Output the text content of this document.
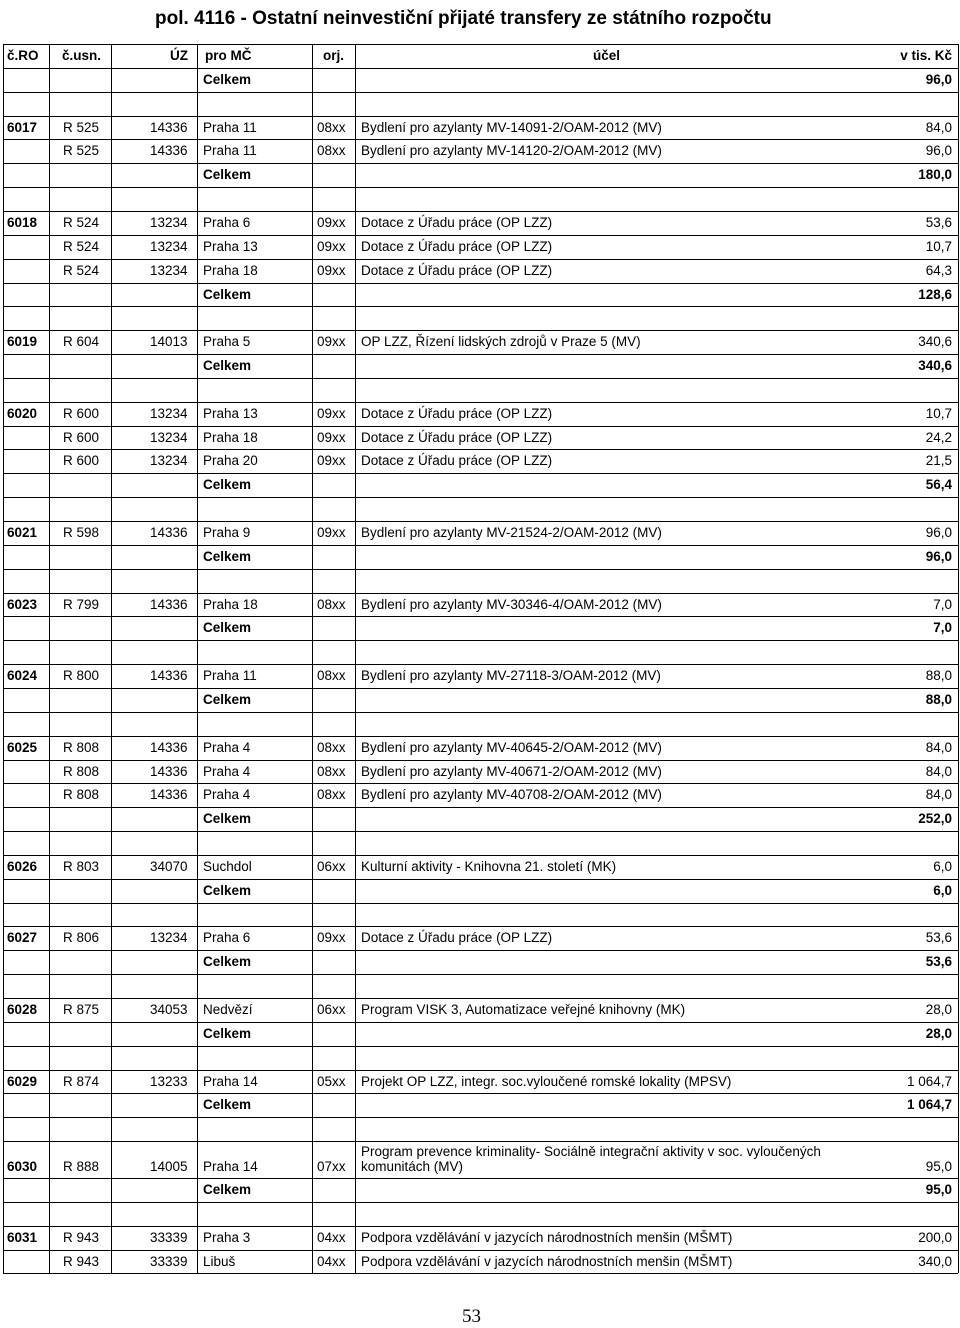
pol. 4116 - Ostatní neinvestiční přijaté transfery ze státního rozpočtu
53
č.RO č.usn.	ÚZ pro MČ	orj.	účel	v tis. Kč
Celkem	96,0
6017 R 525	14336 Praha 11	08xx Bydlení pro azylanty MV-14091-2/OAM-2012 (MV)	84,0
R 525	14336 Praha 11	08xx Bydlení pro azylanty MV-14120-2/OAM-2012 (MV)	96,0
Celkem	180,0
6018 R 524	13234 Praha 6	09xx Dotace z Úřadu práce (OP LZZ)	53,6
R 524	13234 Praha 13	09xx Dotace z Úřadu práce (OP LZZ)	10,7
R 524	13234 Praha 18	09xx Dotace z Úřadu práce (OP LZZ)	64,3
Celkem	128,6
6019 R 604	14013 Praha 5	09xx OP LZZ, Řízení lidských zdrojů v Praze 5 (MV)	340,6
Celkem	340,6
6020 R 600	13234 Praha 13	09xx Dotace z Úřadu práce (OP LZZ)	10,7
R 600	13234 Praha 18	09xx Dotace z Úřadu práce (OP LZZ)	24,2
R 600	13234 Praha 20	09xx Dotace z Úřadu práce (OP LZZ)	21,5
Celkem	56,4
6021 R 598	14336 Praha 9	09xx Bydlení pro azylanty MV-21524-2/OAM-2012 (MV)	96,0
Celkem	96,0
6023 R 799	14336 Praha 18	08xx Bydlení pro azylanty MV-30346-4/OAM-2012 (MV)	7,0
Celkem	7,0
6024 R 800	14336 Praha 11	08xx Bydlení pro azylanty MV-27118-3/OAM-2012 (MV)	88,0
Celkem	88,0
6025 R 808	14336 Praha 4	08xx Bydlení pro azylanty MV-40645-2/OAM-2012 (MV)	84,0
R 808	14336 Praha 4	08xx Bydlení pro azylanty MV-40671-2/OAM-2012 (MV)	84,0
R 808	14336 Praha 4	08xx Bydlení pro azylanty MV-40708-2/OAM-2012 (MV)	84,0
Celkem	252,0
6026 R 803	34070 Suchdol	06xx Kulturní aktivity - Knihovna 21. století (MK)	6,0
Celkem	6,0
6027 R 806	13234 Praha 6	09xx Dotace z Úřadu práce (OP LZZ)	53,6
Celkem	53,6
6028 R 875	34053 Nedvězí	06xx Program VISK 3, Automatizace veřejné knihovny (MK)	28,0
Celkem	28,0
6029 R 874	13233 Praha 14	05xx Projekt OP LZZ, integr. soc.vyloučené romské lokality (MPSV)	1 064,7
Celkem	1 064,7
6030 R 888	14005 Praha 14	07xx
Program prevence kriminality- Sociálně integrační aktivity v soc. vyloučených
komunitách (MV)	95,0
Celkem	95,0
6031 R 943	33339 Praha 3	04xx Podpora vzdělávání v jazycích národnostních menšin (MŠMT)	200,0
R 943	33339 Libuš	04xx Podpora vzdělávání v jazycích národnostních menšin (MŠMT)	340,0
